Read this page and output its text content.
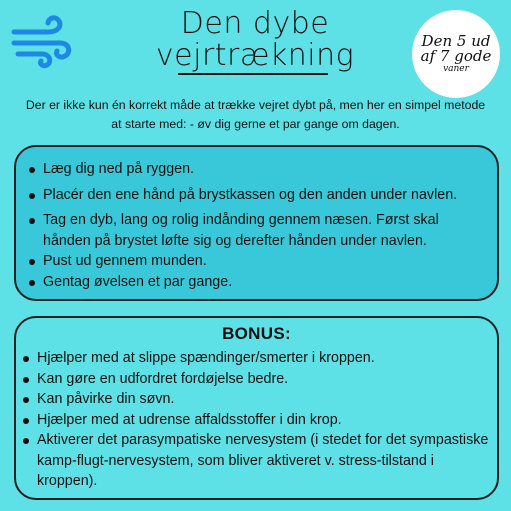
Den dybe
vejrtrækning	Den 5 ud
af 7 gode
vaner
Der er ikke kun én korrekt måde at trække vejret dybt på, men her en simpel metode at starte med: - øv dig gerne et par gange om dagen.
Læg dig ned på ryggen.
Placér den ene hånd på brystkassen og den anden under navlen.
Tag en dyb, lang og rolig indånding gennem næsen. Først skal hånden på brystet løfte sig og derefter hånden under navlen.
Pust ud gennem munden.
Gentag øvelsen et par gange.
BONUS:
Hjælper med at slippe spændinger/smerter i kroppen.
Kan gøre en udfordret fordøjelse bedre.
Kan påvirke din søvn.
Hjælper med at udrense affaldsstoffer i din krop.
Aktiverer det parasympatiske nervesystem (i stedet for det sympastiske kamp-flugt-nervesystem, som bliver aktiveret v. stress-tilstand i kroppen).
